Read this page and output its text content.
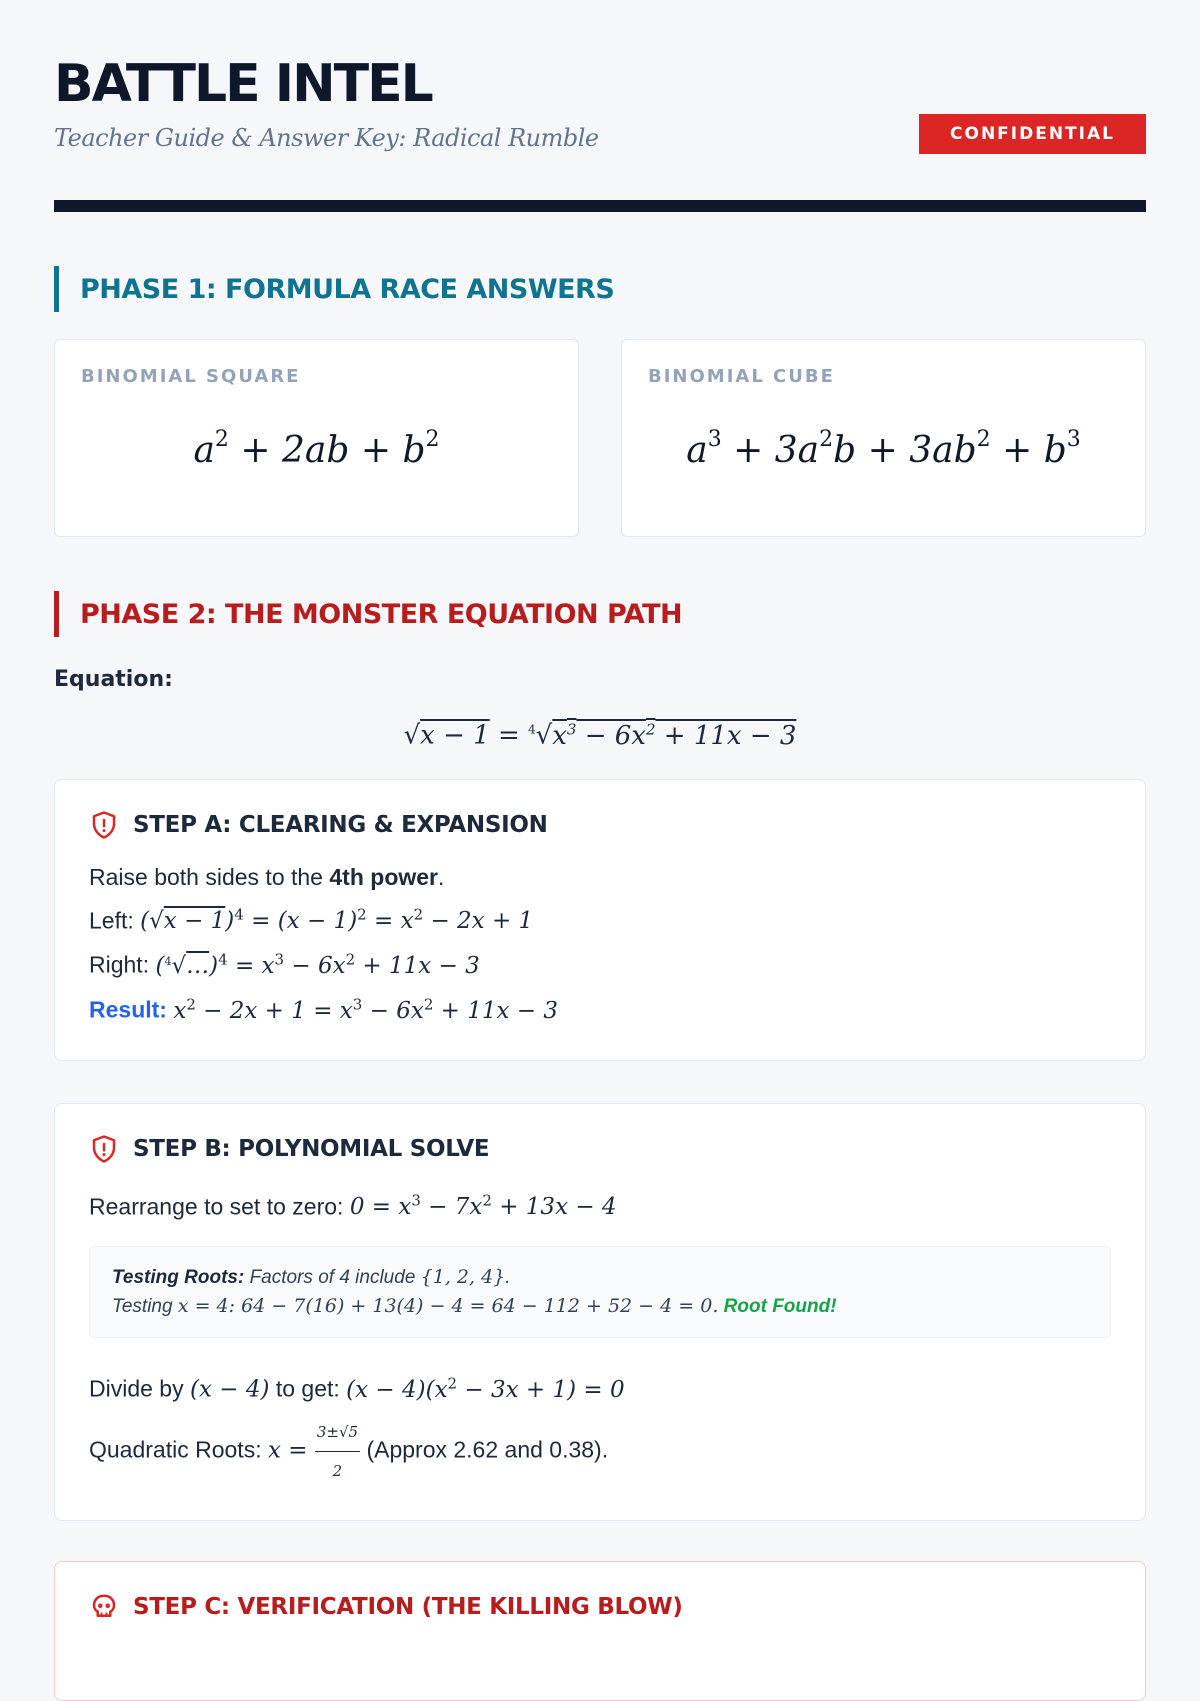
BATTLE INTEL
Teacher Guide & Answer Key: Radical Rumble	CONFIDENTIAL
PHASE 1: FORMULA RACE ANSWERS
BINOMIAL SQUARE
$a^2 + 2ab + b^2$
BINOMIAL CUBE
$a^3 + 3a^2b + 3ab^2 + b^3$
PHASE 2: THE MONSTER EQUATION PATH
Equation:
$√x - 1 = ^4√x^3 - 6x^2 + 11x - 3$
STEP A: CLEARING & EXPANSION
Raise both sides to the 4th power.
Left: $(√x - 1)^4 = (x - 1)^2 = x^2 - 2x + 1$
Right: ($^4$√…)$^4$ = $x^3 - 6x^2 + 11x - 3$
Result: $x^2 - 2x + 1 = x^3 - 6x^2 + 11x - 3$
STEP B: POLYNOMIAL SOLVE
Rearrange to set to zero: $0 = x^3 - 7x^2 + 13x - 4$
Testing Roots: Factors of 4 include {1, 2, 4}.
Testing x = 4: 64 − 7(16) + 13(4) − 4 = 64 − 112 + 52 − 4 = 0. Root Found!
Divide by (x − 4) to get: $(x - 4)(x^2 - 3x + 1) = 0$
Quadratic Roots: $x = \frac{3\pm√5}{2}$ (Approx 2.62 and 0.38).
STEP C: VERIFICATION (THE KILLING BLOW)
